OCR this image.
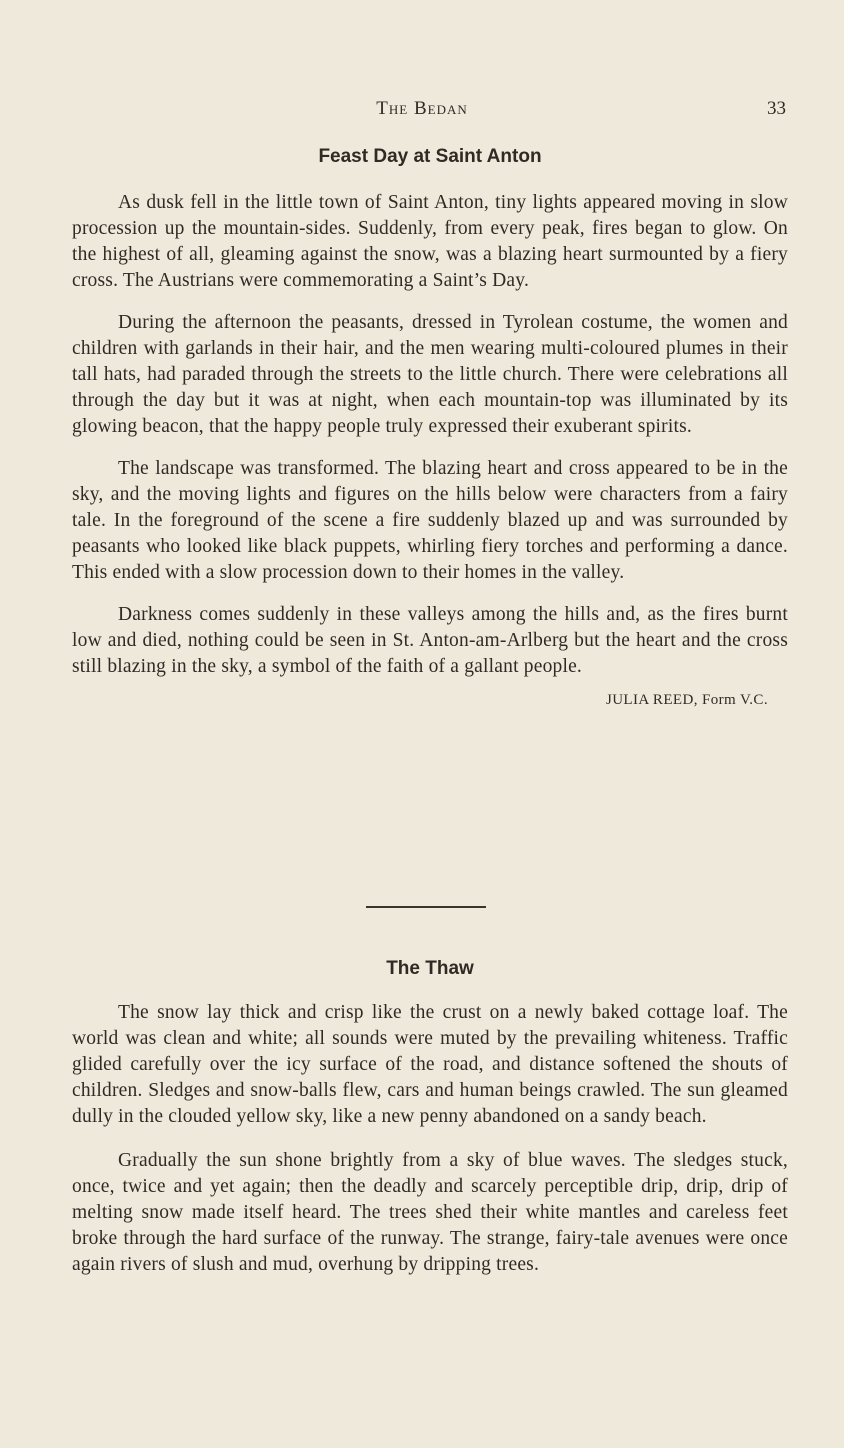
The Bedan	33
Feast Day at Saint Anton

As dusk fell in the little town of Saint Anton, tiny lights appeared moving in slow procession up the mountain-sides. Suddenly, from every peak, fires began to glow. On the highest of all, gleaming against the snow, was a blazing heart surmounted by a fiery cross. The Austrians were commemorating a Saint’s Day.

During the afternoon the peasants, dressed in Tyrolean costume, the women and children with garlands in their hair, and the men wearing multi-coloured plumes in their tall hats, had paraded through the streets to the little church. There were celebrations all through the day but it was at night, when each mountain-top was illuminated by its glowing beacon, that the happy people truly expressed their exuberant spirits.

The landscape was transformed. The blazing heart and cross appeared to be in the sky, and the moving lights and figures on the hills below were characters from a fairy tale. In the foreground of the scene a fire suddenly blazed up and was surrounded by peasants who looked like black puppets, whirling fiery torches and performing a dance. This ended with a slow procession down to their homes in the valley.

Darkness comes suddenly in these valleys among the hills and, as the fires burnt low and died, nothing could be seen in St. Anton-am-Arlberg but the heart and the cross still blazing in the sky, a symbol of the faith of a gallant people.

JULIA REED, Form V.C.

The Thaw

The snow lay thick and crisp like the crust on a newly baked cottage loaf. The world was clean and white; all sounds were muted by the prevailing whiteness. Traffic glided carefully over the icy surface of the road, and distance softened the shouts of children. Sledges and snow-balls flew, cars and human beings crawled. The sun gleamed dully in the clouded yellow sky, like a new penny abandoned on a sandy beach.

Gradually the sun shone brightly from a sky of blue waves. The sledges stuck, once, twice and yet again; then the deadly and scarcely perceptible drip, drip, drip of melting snow made itself heard. The trees shed their white mantles and careless feet broke through the hard surface of the runway. The strange, fairy-tale avenues were once again rivers of slush and mud, overhung by dripping trees.
